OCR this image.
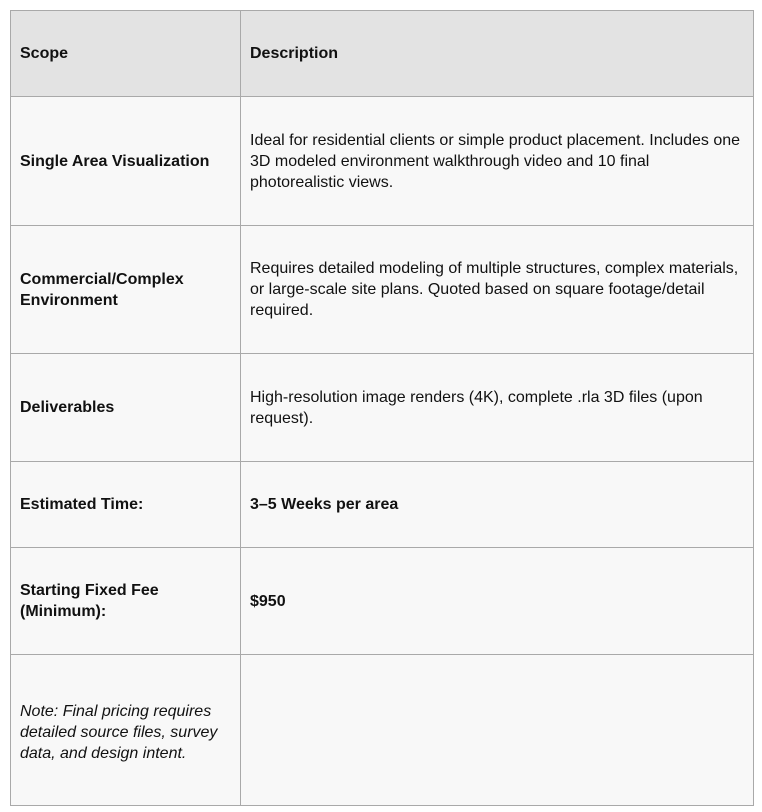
Scope	Description
Single Area Visualization	Ideal for residential clients or simple product placement. Includes one 3D modeled environment walkthrough video and 10 final photorealistic views.
Commercial/Complex Environment	Requires detailed modeling of multiple structures, complex materials, or large-scale site plans. Quoted based on square footage/detail required.
Deliverables	High-resolution image renders (4K), complete .rla 3D files (upon request).
Estimated Time:	3–5 Weeks per area
Starting Fixed Fee (Minimum):	$950
Note: Final pricing requires detailed source files, survey data, and design intent.	
